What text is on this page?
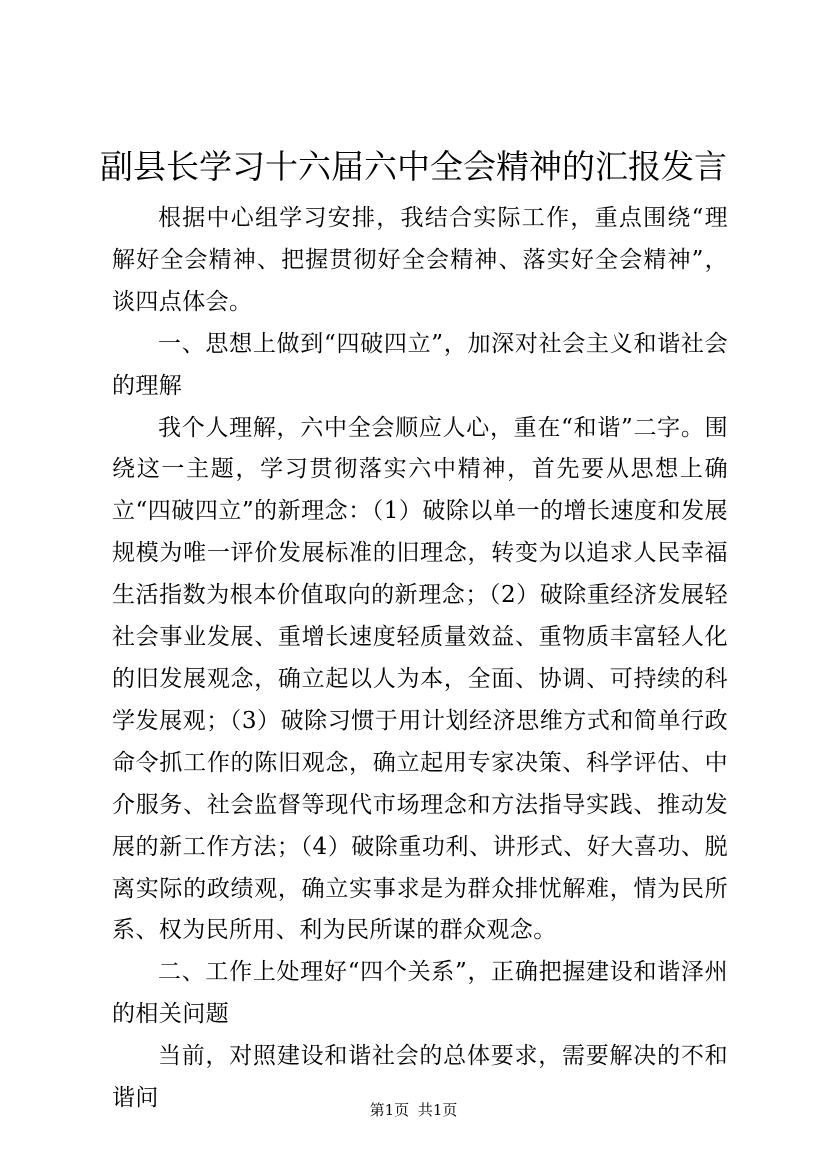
副县长学习十六届六中全会精神的汇报发言

根据中心组学习安排，我结合实际工作，重点围绕“理解好全会精神、把握贯彻好全会精神、落实好全会精神”，谈四点体会。

一、思想上做到“四破四立”，加深对社会主义和谐社会的理解

我个人理解，六中全会顺应人心，重在“和谐”二字。围绕这一主题，学习贯彻落实六中精神，首先要从思想上确立“四破四立”的新理念：（1）破除以单一的增长速度和发展规模为唯一评价发展标准的旧理念，转变为以追求人民幸福生活指数为根本价值取向的新理念；（2）破除重经济发展轻社会事业发展、重增长速度轻质量效益、重物质丰富轻人化的旧发展观念，确立起以人为本，全面、协调、可持续的科学发展观；（3）破除习惯于用计划经济思维方式和简单行政命令抓工作的陈旧观念，确立起用专家决策、科学评估、中介服务、社会监督等现代市场理念和方法指导实践、推动发展的新工作方法；（4）破除重功利、讲形式、好大喜功、脱离实际的政绩观，确立实事求是为群众排忧解难，情为民所系、权为民所用、利为民所谋的群众观念。

二、工作上处理好“四个关系”，正确把握建设和谐泽州的相关问题

当前，对照建设和谐社会的总体要求，需要解决的不和谐问	第1页 共1页
